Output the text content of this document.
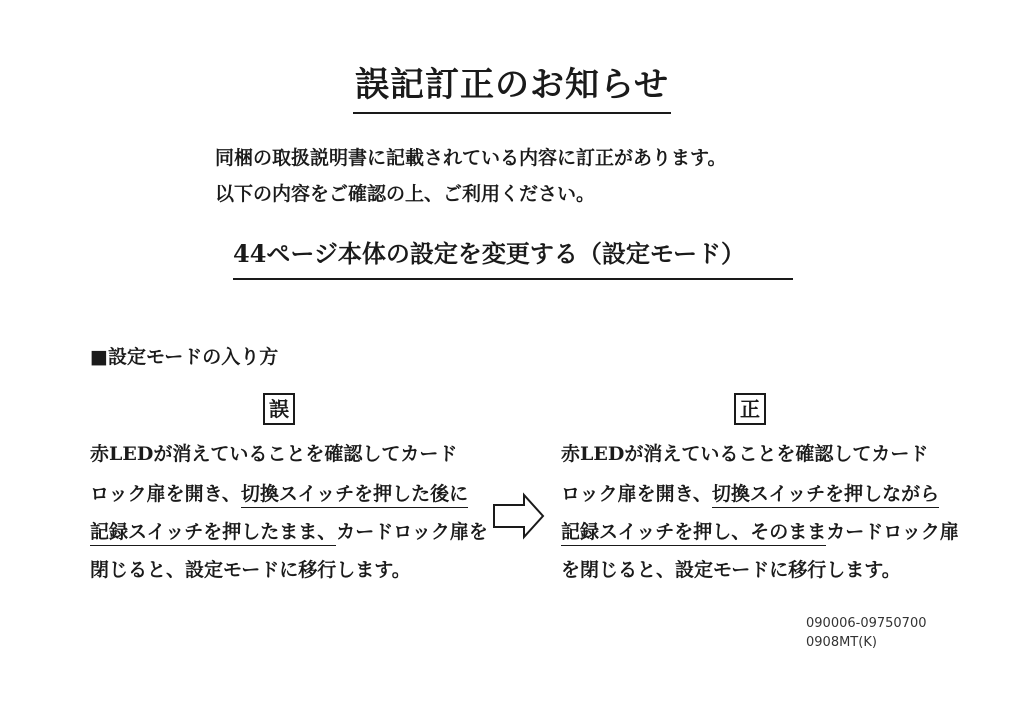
誤記訂正のお知らせ
同梱の取扱説明書に記載されている内容に訂正があります。
以下の内容をご確認の上、ご利用ください。
44ページ本体の設定を変更する（設定モード）
■設定モードの入り方
誤	正
赤LEDが消えていることを確認してカード
ロック扉を開き、切換スイッチを押した後に
記録スイッチを押したまま、カードロック扉を
閉じると、設定モードに移行します。
赤LEDが消えていることを確認してカード
ロック扉を開き、切換スイッチを押しながら
記録スイッチを押し、そのままカードロック扉
を閉じると、設定モードに移行します。
090006-09750700
0908MT(K)
